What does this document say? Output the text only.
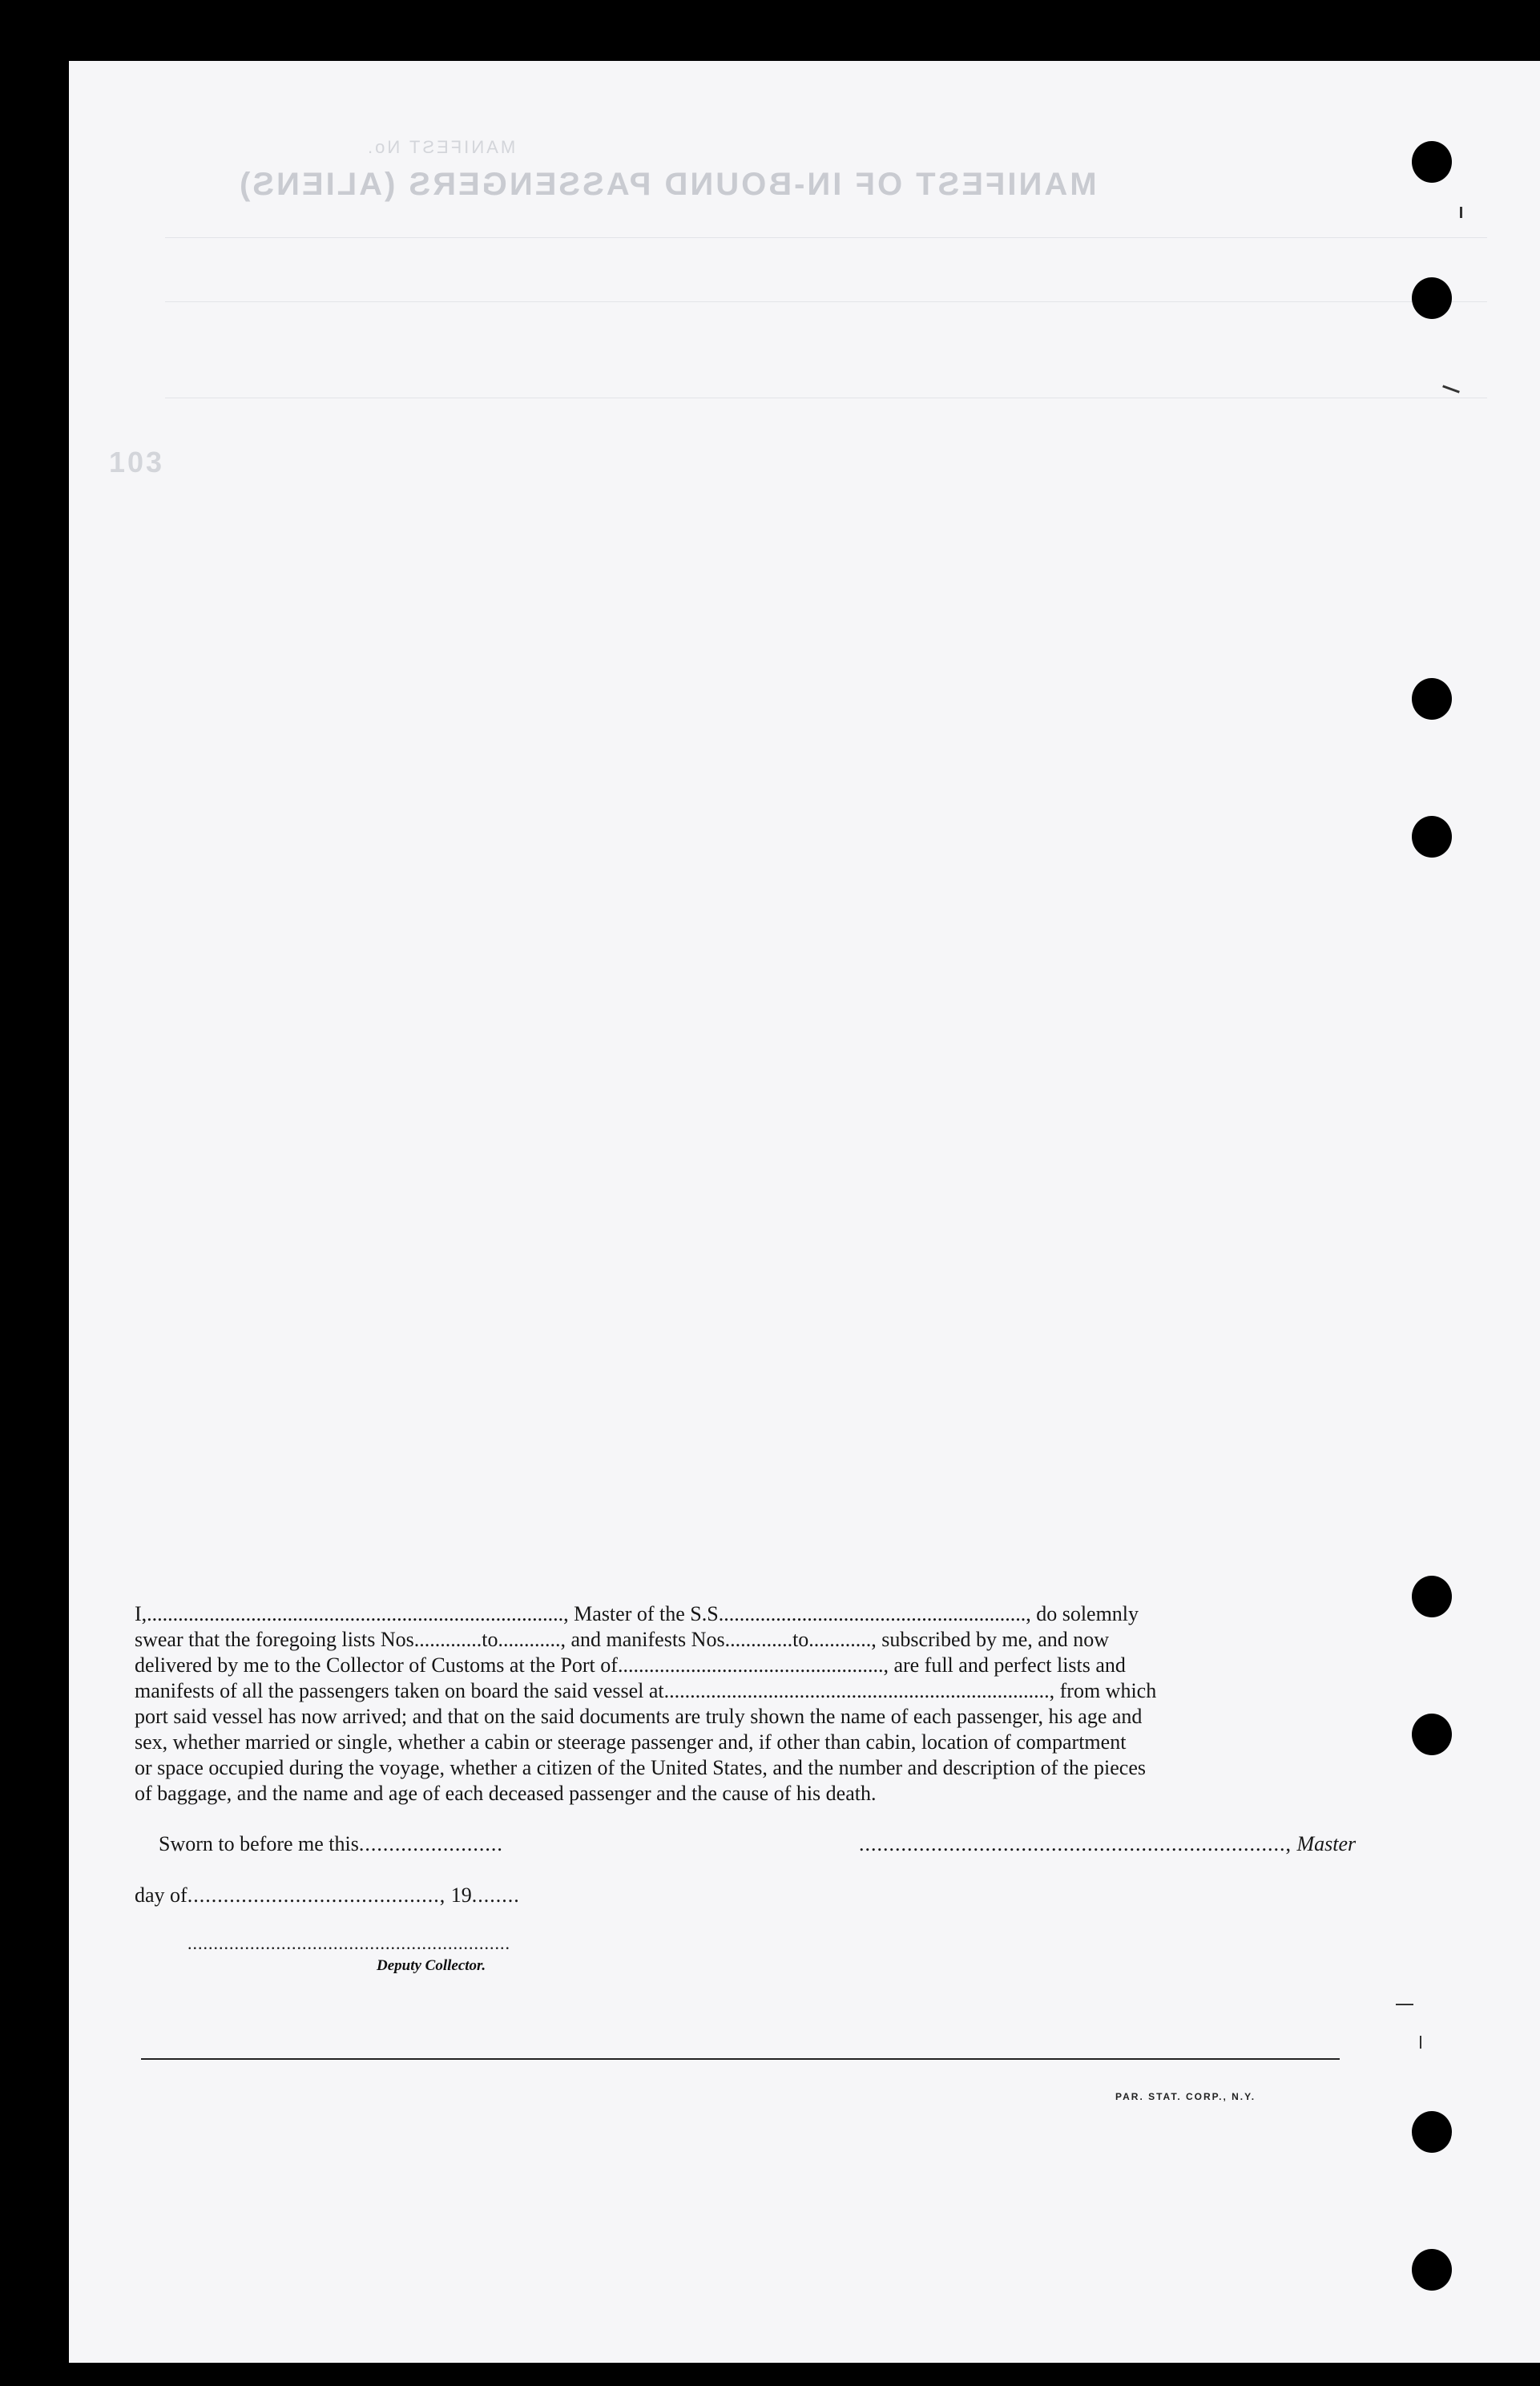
MANIFEST No.
MANIFEST OF IN-BOUND PASSENGERS (ALIENS)
103
I,................................................................................, Master of the S.S..........................................................., do solemnly
swear that the foregoing lists Nos.............to............, and manifests Nos.............to............, subscribed by me, and now
delivered by me to the Collector of Customs at the Port of..................................................., are full and perfect lists and
manifests of all the passengers taken on board the said vessel at.........................................................................., from which
port said vessel has now arrived; and that on the said documents are truly shown the name of each passenger, his age and
sex, whether married or single, whether a cabin or steerage passenger and, if other than cabin, location of compartment
or space occupied during the voyage, whether a citizen of the United States, and the number and description of the pieces
of baggage, and the name and age of each deceased passenger and the cause of his death.
Sworn to before me this........................	......................................................................., Master
day of.........................................., 19........
..............................................................
Deputy Collector.
PAR. STAT. CORP., N.Y.
